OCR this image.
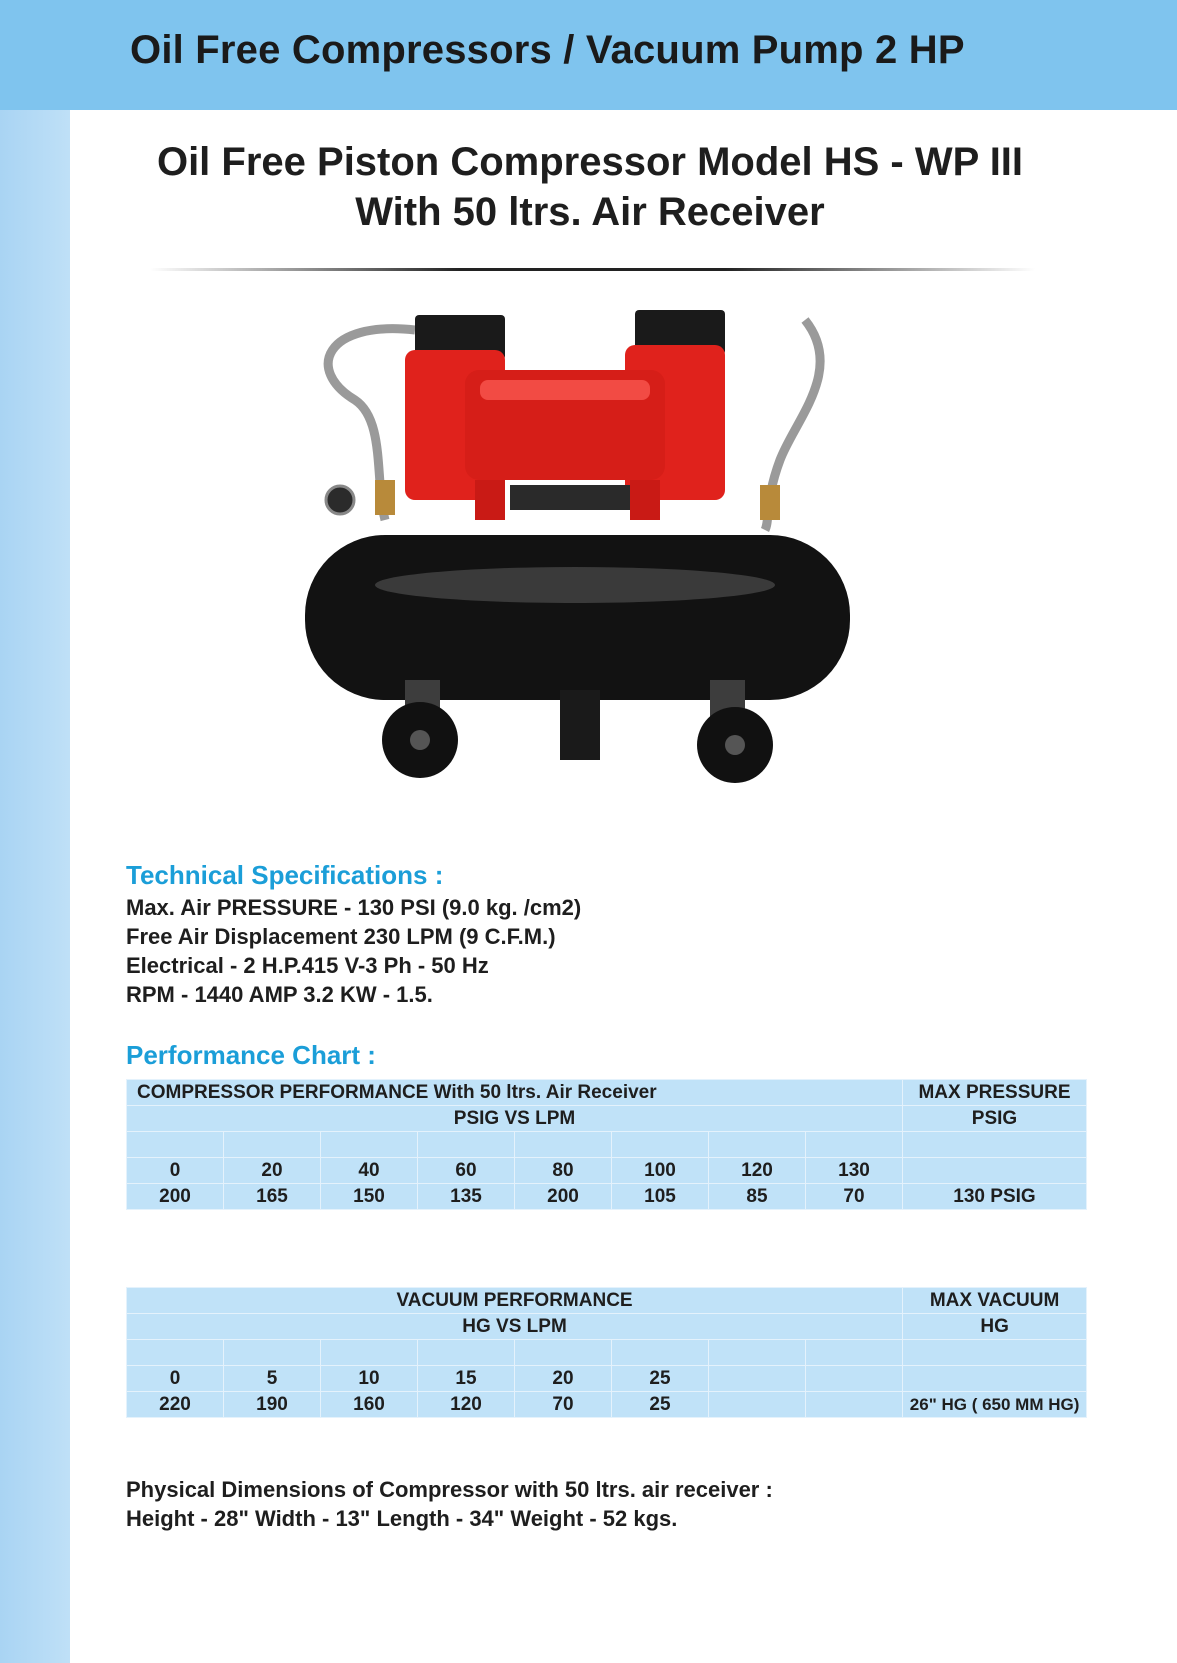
Oil Free Compressors / Vacuum Pump 2 HP
Oil Free Piston Compressor Model HS - WP III
With 50 ltrs. Air Receiver
Technical Specifications :
Max. Air PRESSURE - 130 PSI (9.0 kg. /cm2)
Free Air Displacement 230 LPM (9 C.F.M.)
Electrical - 2 H.P.415 V-3 Ph - 50 Hz
RPM - 1440 AMP 3.2 KW - 1.5.
Performance Chart :
COMPRESSOR PERFORMANCE With 50 ltrs. Air Receiver								MAX PRESSURE
PSIG VS LPM								PSIG

0	20	40	60	80	100	120	130	
200	165	150	135	200	105	85	70	130 PSIG
VACUUM PERFORMANCE								MAX VACUUM
HG VS LPM								HG

0	5	10	15	20	25			
220	190	160	120	70	25			26" HG ( 650 MM HG)
Physical Dimensions of Compressor with 50 ltrs. air receiver :
Height - 28" Width - 13" Length - 34" Weight - 52 kgs.
